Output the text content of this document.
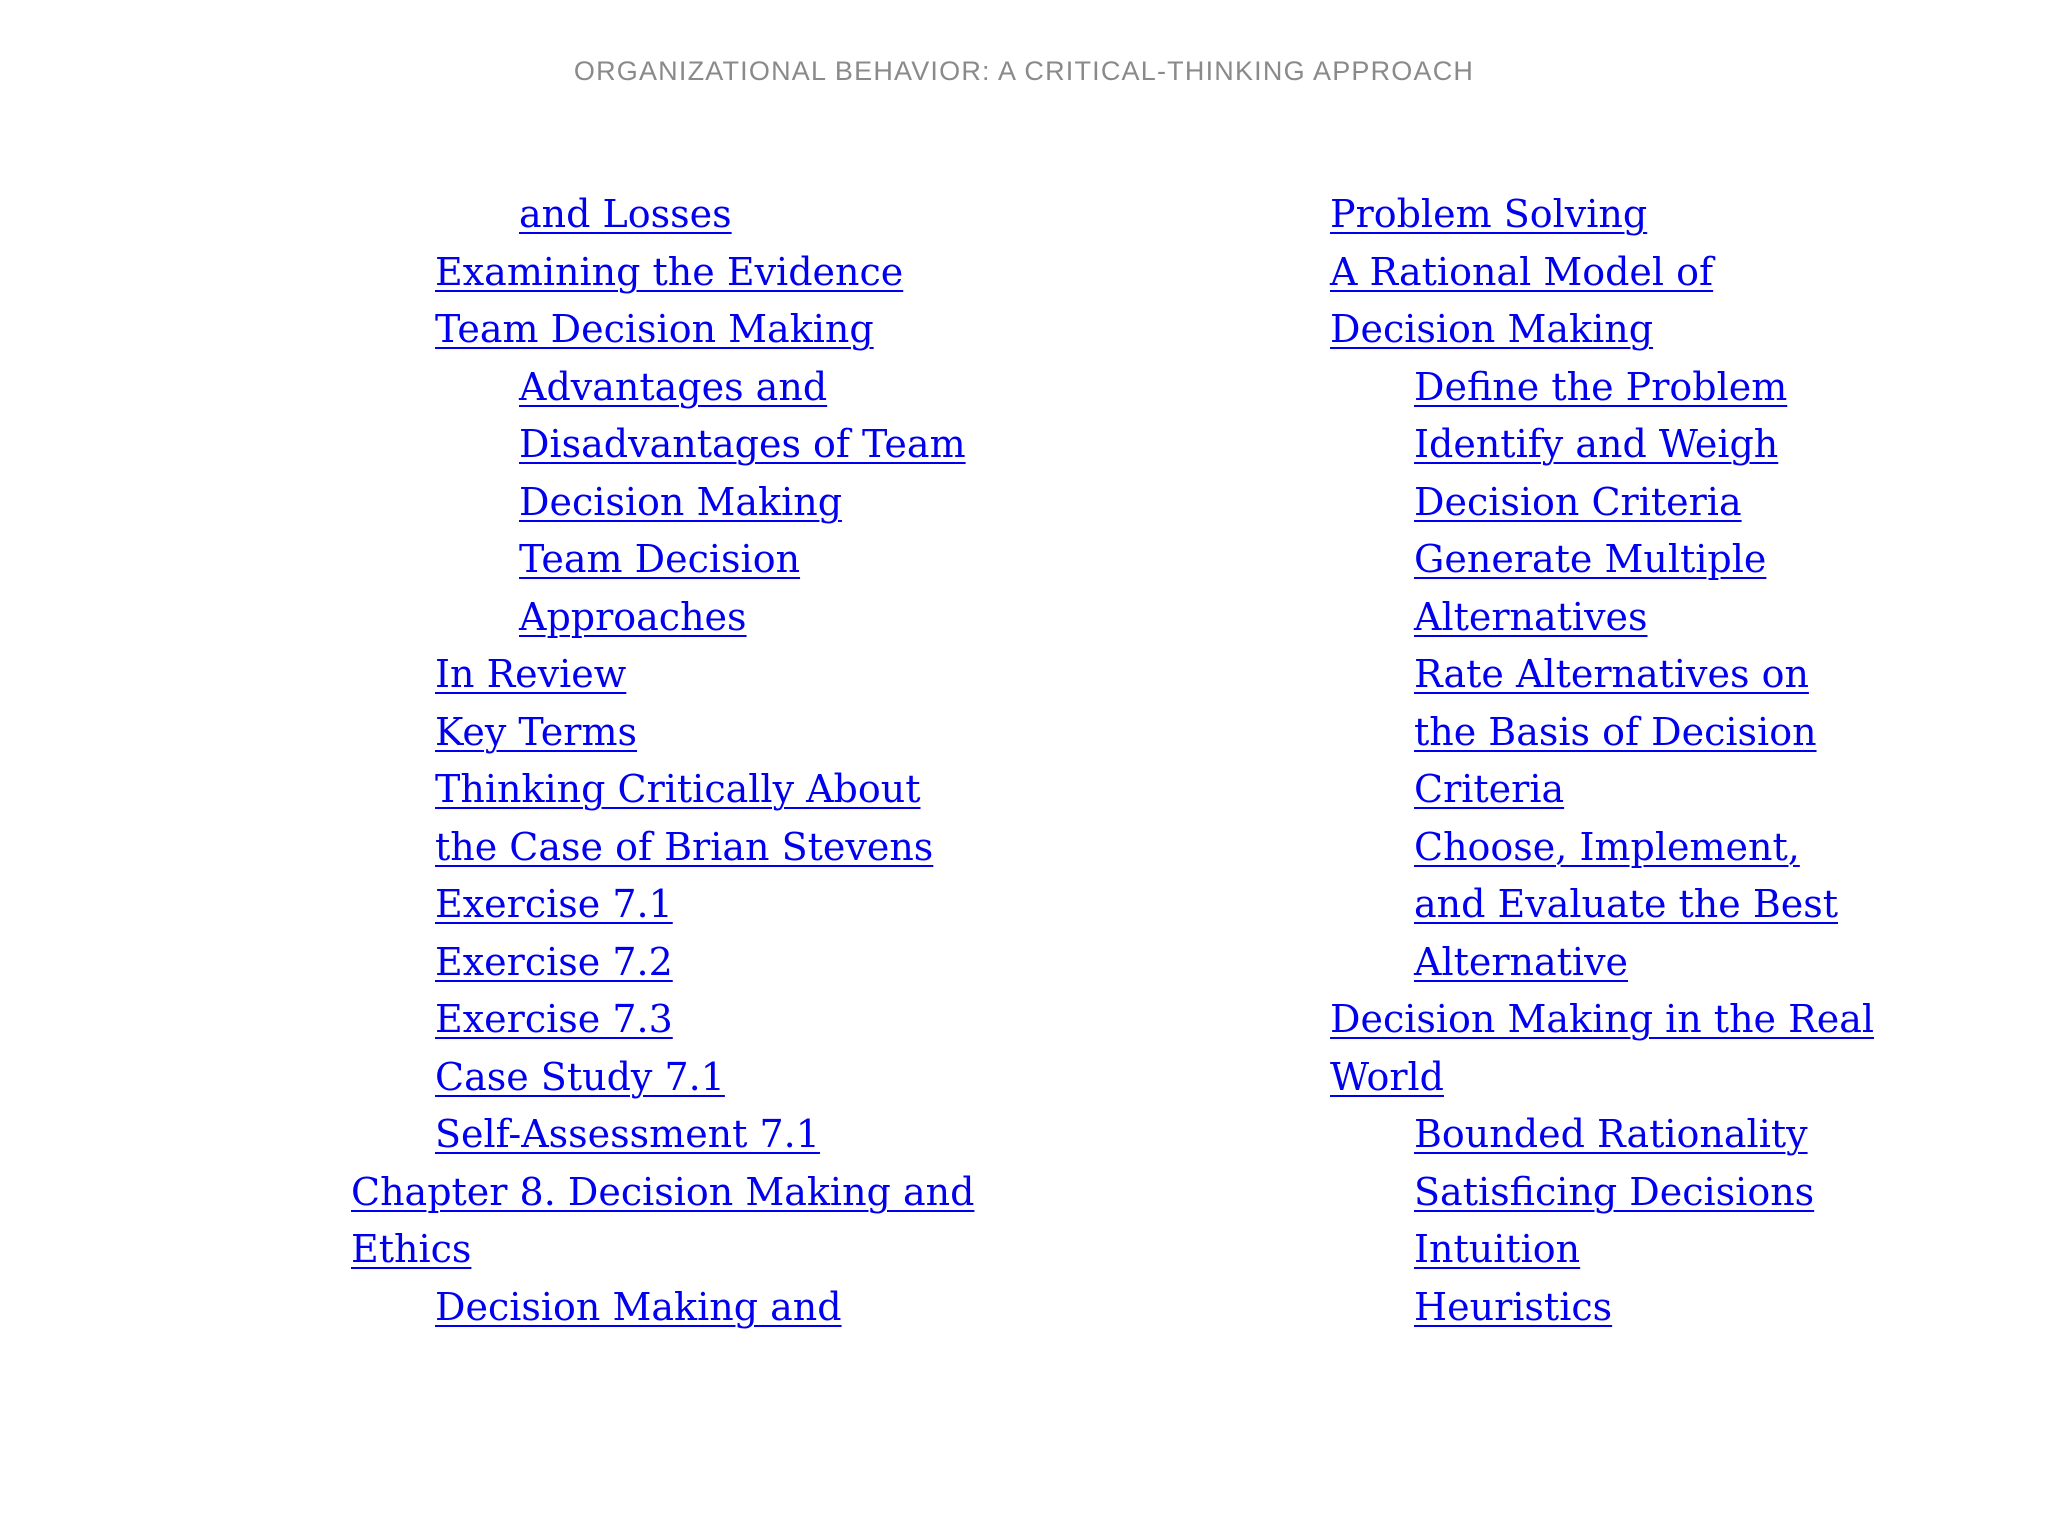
ORGANIZATIONAL BEHAVIOR: A CRITICAL-THINKING APPROACH
and Losses
Examining the Evidence
Team Decision Making
Advantages and
Disadvantages of Team
Decision Making
Team Decision
Approaches
In Review
Key Terms
Thinking Critically About
the Case of Brian Stevens
Exercise 7.1
Exercise 7.2
Exercise 7.3
Case Study 7.1
Self-Assessment 7.1
Chapter 8. Decision Making and
Ethics
Decision Making and
Problem Solving
A Rational Model of
Decision Making
Define the Problem
Identify and Weigh
Decision Criteria
Generate Multiple
Alternatives
Rate Alternatives on
the Basis of Decision
Criteria
Choose, Implement,
and Evaluate the Best
Alternative
Decision Making in the Real
World
Bounded Rationality
Satisficing Decisions
Intuition
Heuristics
